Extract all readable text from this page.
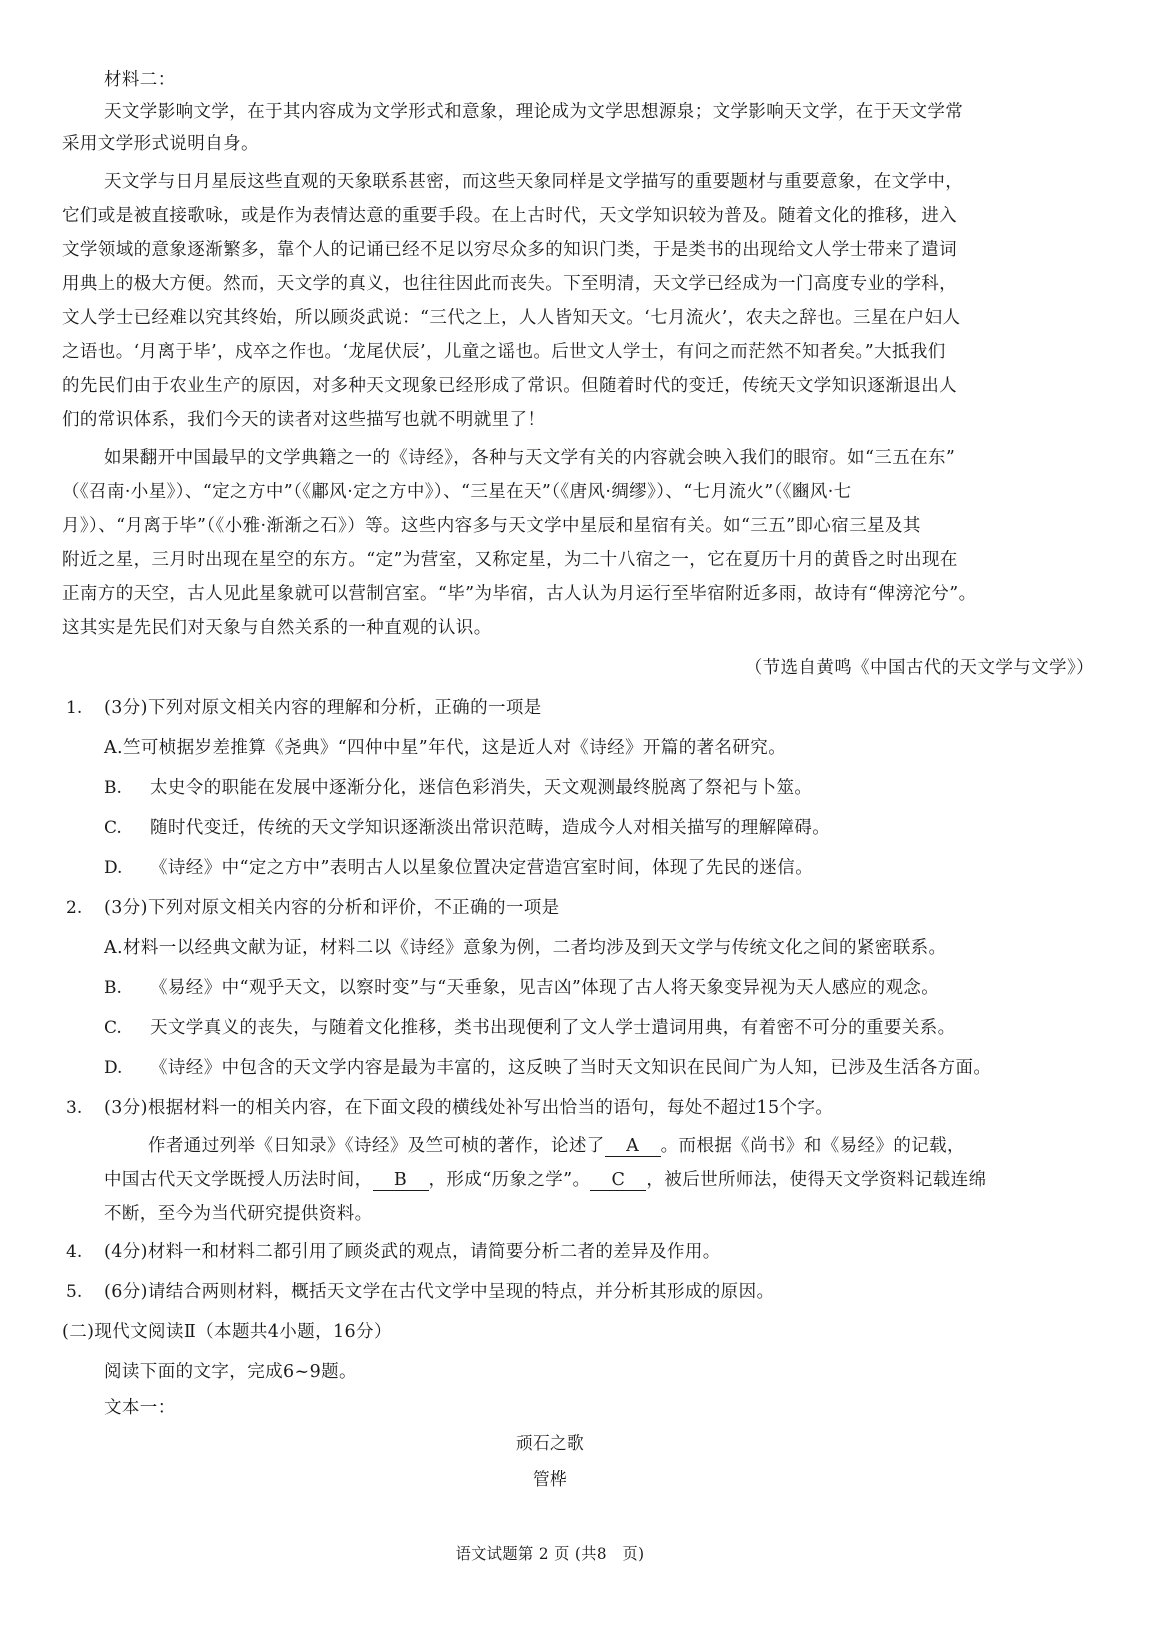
材料二：
天文学影响文学，在于其内容成为文学形式和意象，理论成为文学思想源泉；文学影响天文学，在于天文学常
采用文学形式说明自身。
天文学与日月星辰这些直观的天象联系甚密，而这些天象同样是文学描写的重要题材与重要意象，在文学中，
它们或是被直接歌咏，或是作为表情达意的重要手段。在上古时代，天文学知识较为普及。随着文化的推移，进入
文学领域的意象逐渐繁多，靠个人的记诵已经不足以穷尽众多的知识门类，于是类书的出现给文人学士带来了遣词
用典上的极大方便。然而，天文学的真义，也往往因此而丧失。下至明清，天文学已经成为一门高度专业的学科，
文人学士已经难以究其终始，所以顾炎武说：“三代之上，人人皆知天文。‘七月流火’，农夫之辞也。三星在户妇人
之语也。‘月离于毕’，戍卒之作也。‘龙尾伏辰’，儿童之谣也。后世文人学士，有问之而茫然不知者矣。”大抵我们
的先民们由于农业生产的原因，对多种天文现象已经形成了常识。但随着时代的变迁，传统天文学知识逐渐退出人
们的常识体系，我们今天的读者对这些描写也就不明就里了！
如果翻开中国最早的文学典籍之一的《诗经》，各种与天文学有关的内容就会映入我们的眼帘。如“三五在东”
（《召南·小星》）、“定之方中”（《鄘风·定之方中》）、“三星在天”（《唐风·绸缪》）、“七月流火”（《豳风·七
月》）、“月离于毕”（《小雅·渐渐之石》）等。这些内容多与天文学中星辰和星宿有关。如“三五”即心宿三星及其
附近之星，三月时出现在星空的东方。“定”为营室，又称定星，为二十八宿之一，它在夏历十月的黄昏之时出现在
正南方的天空，古人见此星象就可以营制宫室。“毕”为毕宿，古人认为月运行至毕宿附近多雨，故诗有“俾滂沱兮”。
这其实是先民们对天象与自然关系的一种直观的认识。
（节选自黄鸣《中国古代的天文学与文学》）
1. (3分)下列对原文相关内容的理解和分析，正确的一项是
A.竺可桢据岁差推算《尧典》“四仲中星”年代，这是近人对《诗经》开篇的著名研究。
B. 太史令的职能在发展中逐渐分化，迷信色彩消失，天文观测最终脱离了祭祀与卜筮。
C. 随时代变迁，传统的天文学知识逐渐淡出常识范畴，造成今人对相关描写的理解障碍。
D. 《诗经》中“定之方中”表明古人以星象位置决定营造宫室时间，体现了先民的迷信。
2. (3分)下列对原文相关内容的分析和评价，不正确的一项是
A.材料一以经典文献为证，材料二以《诗经》意象为例，二者均涉及到天文学与传统文化之间的紧密联系。
B. 《易经》中“观乎天文，以察时变”与“天垂象，见吉凶”体现了古人将天象变异视为天人感应的观念。
C. 天文学真义的丧失，与随着文化推移，类书出现便利了文人学士遣词用典，有着密不可分的重要关系。
D. 《诗经》中包含的天文学内容是最为丰富的，这反映了当时天文知识在民间广为人知，已涉及生活各方面。
3. (3分)根据材料一的相关内容，在下面文段的横线处补写出恰当的语句，每处不超过15个字。
作者通过列举《日知录》《诗经》及竺可桢的著作，论述了 A 。而根据《尚书》和《易经》的记载，
中国古代天文学既授人历法时间， B ，形成“历象之学”。 C ，被后世所师法，使得天文学资料记载连绵
不断，至今为当代研究提供资料。
4. (4分)材料一和材料二都引用了顾炎武的观点，请简要分析二者的差异及作用。
5. (6分)请结合两则材料，概括天文学在古代文学中呈现的特点，并分析其形成的原因。
(二)现代文阅读Ⅱ（本题共4小题，16分）
阅读下面的文字，完成6~9题。
文本一：
顽石之歌
管桦
语文试题第 2 页 (共8　页)
